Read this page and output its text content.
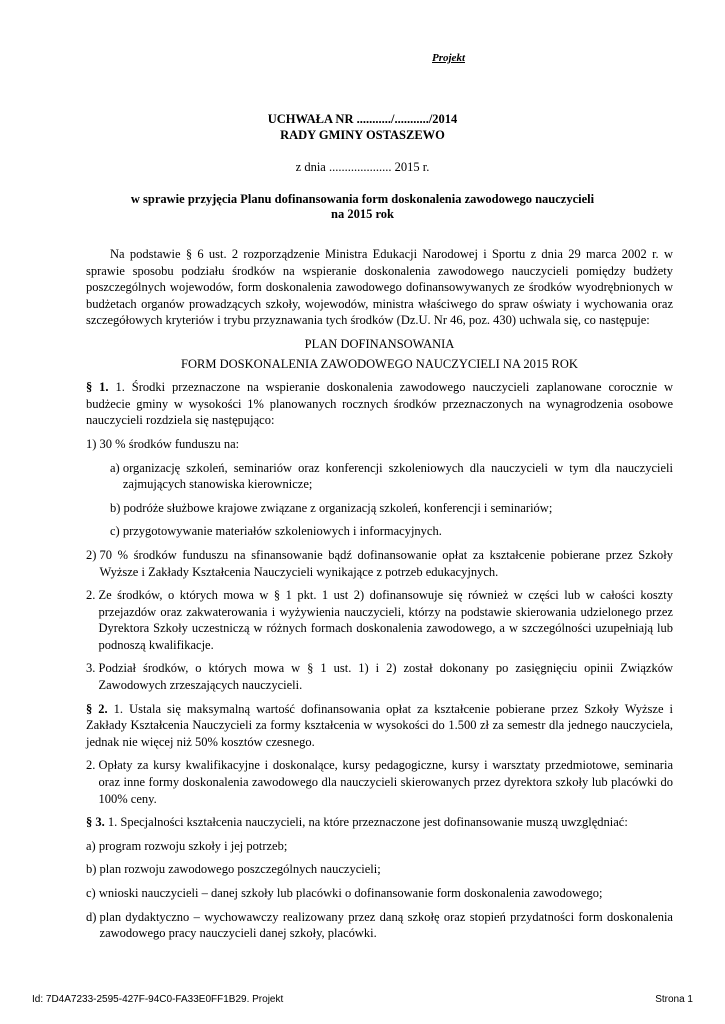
Projekt
UCHWAŁA NR .........../.........../2014
RADY GMINY OSTASZEWO
z dnia .................... 2015 r.
w sprawie przyjęcia Planu dofinansowania form doskonalenia zawodowego nauczycieli
na 2015 rok

Na podstawie § 6 ust. 2 rozporządzenie Ministra Edukacji Narodowej i Sportu z dnia 29 marca 2002 r. w sprawie sposobu podziału środków na wspieranie doskonalenia zawodowego nauczycieli pomiędzy budżety poszczególnych wojewodów, form doskonalenia zawodowego dofinansowywanych ze środków wyodrębnionych w budżetach organów prowadzących szkoły, wojewodów, ministra właściwego do spraw oświaty i wychowania oraz szczegółowych kryteriów i trybu przyznawania tych środków (Dz.U. Nr 46, poz. 430) uchwala się, co następuje:

PLAN DOFINANSOWANIA
FORM DOSKONALENIA ZAWODOWEGO NAUCZYCIELI NA 2015 ROK

§ 1. 1. Środki przeznaczone na wspieranie doskonalenia zawodowego nauczycieli zaplanowane corocznie w budżecie gminy w wysokości 1% planowanych rocznych środków przeznaczonych na wynagrodzenia osobowe nauczycieli rozdziela się następująco:

1) 30 % środków funduszu na:
a) organizację szkoleń, seminariów oraz konferencji szkoleniowych dla nauczycieli w tym dla nauczycieli zajmujących stanowiska kierownicze;
b) podróże służbowe krajowe związane z organizacją szkoleń, konferencji i seminariów;
c) przygotowywanie materiałów szkoleniowych i informacyjnych.
2) 70 % środków funduszu na sfinansowanie bądź dofinansowanie opłat za kształcenie pobierane przez Szkoły Wyższe i Zakłady Kształcenia Nauczycieli wynikające z potrzeb edukacyjnych.
2. Ze środków, o których mowa w § 1 pkt. 1 ust 2) dofinansowuje się również w części lub w całości koszty przejazdów oraz zakwaterowania i wyżywienia nauczycieli, którzy na podstawie skierowania udzielonego przez Dyrektora Szkoły uczestniczą w różnych formach doskonalenia zawodowego, a w szczególności uzupełniają lub podnoszą kwalifikacje.
3. Podział środków, o których mowa w § 1 ust. 1) i 2) został dokonany po zasięgnięciu opinii Związków Zawodowych zrzeszających nauczycieli.

§ 2. 1. Ustala się maksymalną wartość dofinansowania opłat za kształcenie pobierane przez Szkoły Wyższe i Zakłady Kształcenia Nauczycieli za formy kształcenia w wysokości do 1.500 zł za semestr dla jednego nauczyciela, jednak nie więcej niż 50% kosztów czesnego.

2. Opłaty za kursy kwalifikacyjne i doskonalące, kursy pedagogiczne, kursy i warsztaty przedmiotowe, seminaria oraz inne formy doskonalenia zawodowego dla nauczycieli skierowanych przez dyrektora szkoły lub placówki do 100% ceny.

§ 3. 1. Specjalności kształcenia nauczycieli, na które przeznaczone jest dofinansowanie muszą uwzględniać:

a) program rozwoju szkoły i jej potrzeb;
b) plan rozwoju zawodowego poszczególnych nauczycieli;
c) wnioski nauczycieli – danej szkoły lub placówki o dofinansowanie form doskonalenia zawodowego;
d) plan dydaktyczno – wychowawczy realizowany przez daną szkołę oraz stopień przydatności form doskonalenia zawodowego pracy nauczycieli danej szkoły, placówki.
Id: 7D4A7233-2595-427F-94C0-FA33E0FF1B29. Projekt	Strona 1
